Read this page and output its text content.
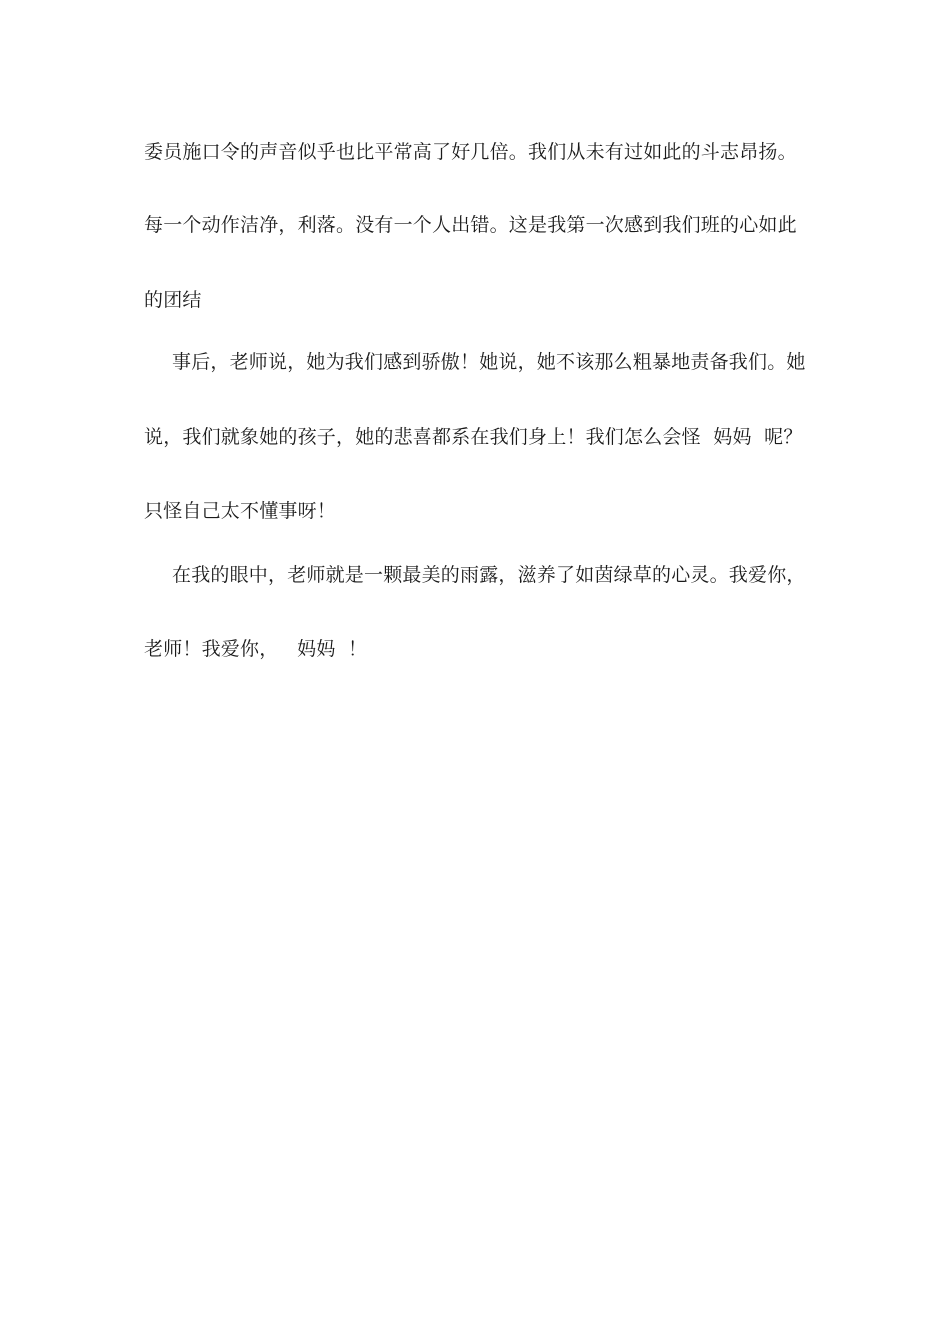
委员施口令的声音似乎也比平常高了好几倍。我们从未有过如此的斗志昂扬。
每一个动作洁净，利落。没有一个人出错。这是我第一次感到我们班的心如此
的团结
事后，老师说，她为我们感到骄傲！她说，她不该那么粗暴地责备我们。她
说，我们就象她的孩子，她的悲喜都系在我们身上！我们怎么会怪  妈妈  呢？
只怪自己太不懂事呀！
在我的眼中，老师就是一颗最美的雨露，滋养了如茵绿草的心灵。我爱你，
老师！我爱你，   妈妈  ！
